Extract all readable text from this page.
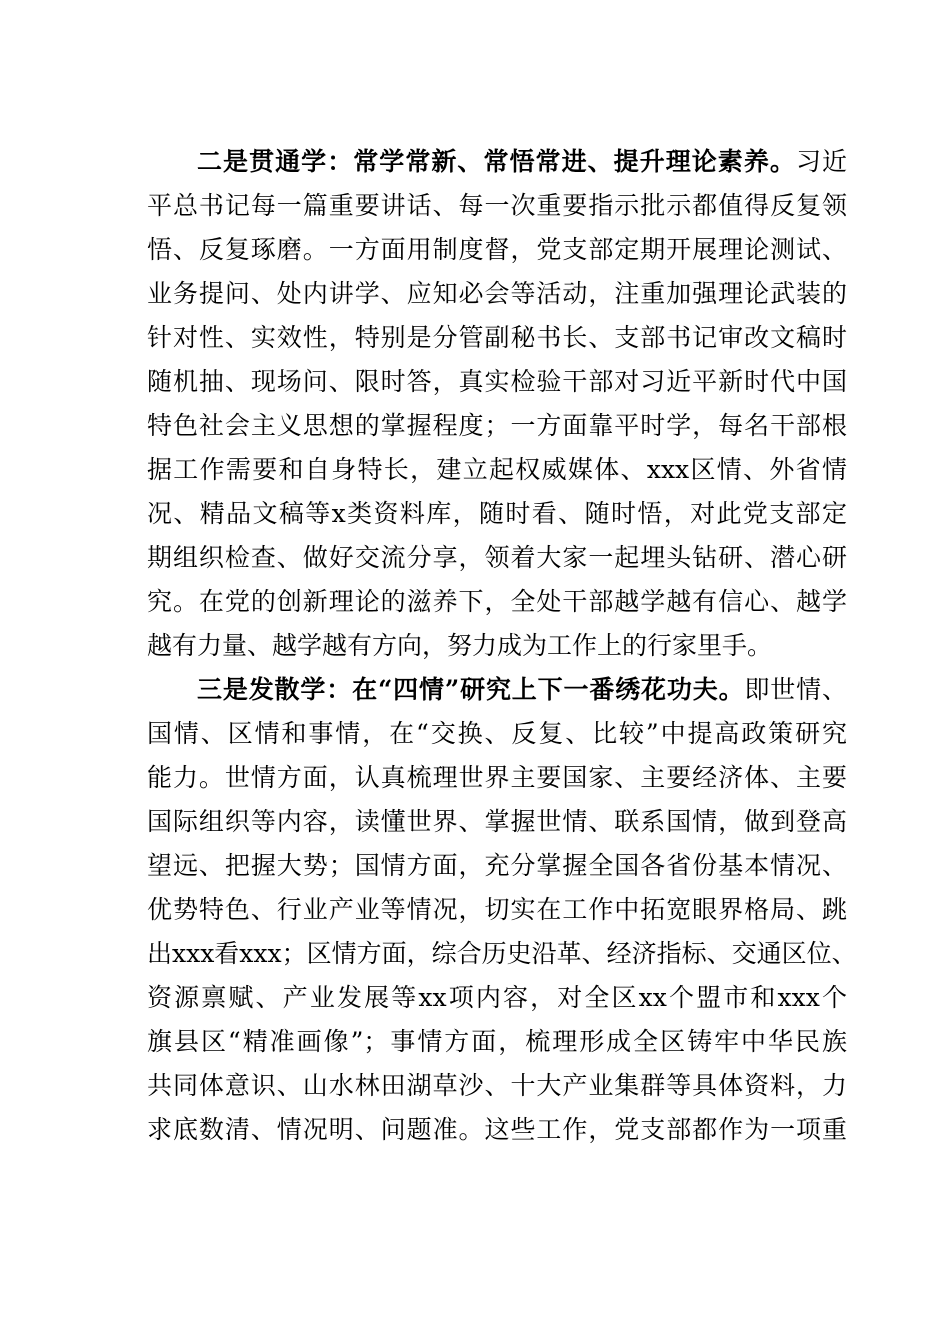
二是贯通学：常学常新、常悟常进、提升理论素养。习近
平总书记每一篇重要讲话、每一次重要指示批示都值得反复领
悟、反复琢磨。一方面用制度督，党支部定期开展理论测试、
业务提问、处内讲学、应知必会等活动，注重加强理论武装的
针对性、实效性，特别是分管副秘书长、支部书记审改文稿时
随机抽、现场问、限时答，真实检验干部对习近平新时代中国
特色社会主义思想的掌握程度；一方面靠平时学，每名干部根
据工作需要和自身特长，建立起权威媒体、xxx区情、外省情
况、精品文稿等x类资料库，随时看、随时悟，对此党支部定
期组织检查、做好交流分享，领着大家一起埋头钻研、潜心研
究。在党的创新理论的滋养下，全处干部越学越有信心、越学
越有力量、越学越有方向，努力成为工作上的行家里手。
三是发散学：在“四情”研究上下一番绣花功夫。即世情、
国情、区情和事情，在“交换、反复、比较”中提高政策研究
能力。世情方面，认真梳理世界主要国家、主要经济体、主要
国际组织等内容，读懂世界、掌握世情、联系国情，做到登高
望远、把握大势；国情方面，充分掌握全国各省份基本情况、
优势特色、行业产业等情况，切实在工作中拓宽眼界格局、跳
出xxx看xxx；区情方面，综合历史沿革、经济指标、交通区位、
资源禀赋、产业发展等xx项内容，对全区xx个盟市和xxx个
旗县区“精准画像”；事情方面，梳理形成全区铸牢中华民族
共同体意识、山水林田湖草沙、十大产业集群等具体资料，力
求底数清、情况明、问题准。这些工作，党支部都作为一项重
